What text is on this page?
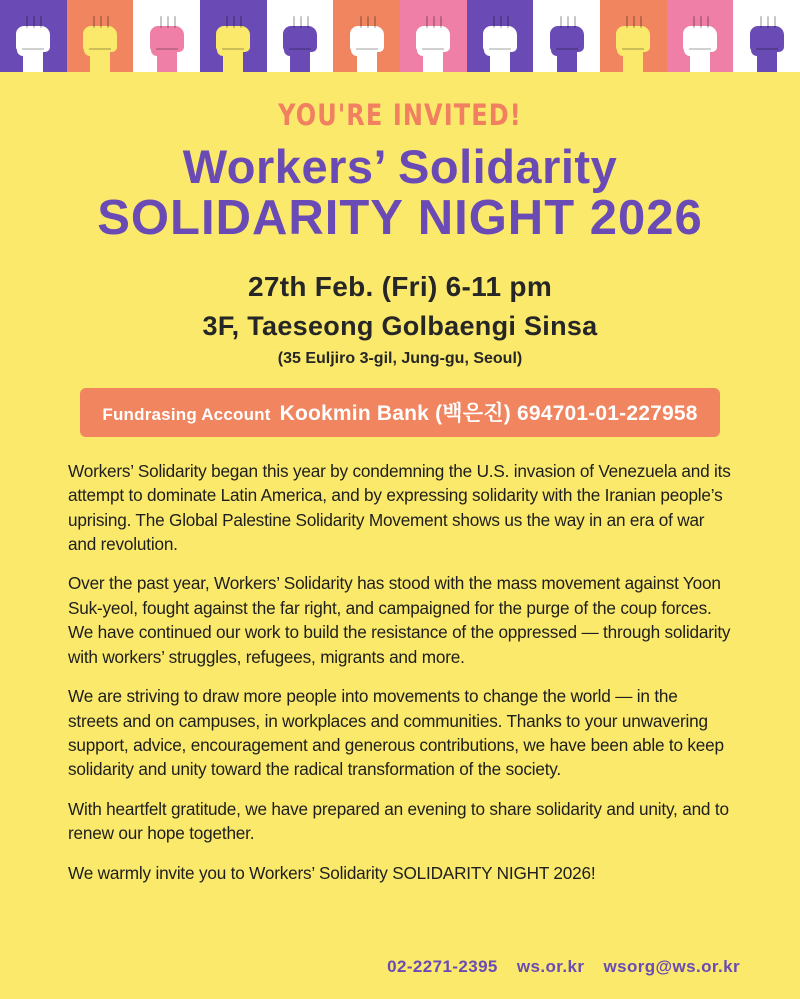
YOU'RE INVITED!
Workers’ Solidarity
SOLIDARITY NIGHT 2026
27th Feb. (Fri) 6-11 pm
3F, Taeseong Golbaengi Sinsa
(35 Euljiro 3-gil, Jung-gu, Seoul)
Fundrasing Account Kookmin Bank (백은진) 694701-01-227958

Workers’ Solidarity began this year by condemning the U.S. invasion of Venezuela and its attempt to dominate Latin America, and by expressing solidarity with the Iranian people’s uprising. The Global Palestine Solidarity Movement shows us the way in an era of war and revolution.

Over the past year, Workers’ Solidarity has stood with the mass movement against Yoon Suk-yeol, fought against the far right, and campaigned for the purge of the coup forces. We have continued our work to build the resistance of the oppressed — through solidarity with workers’ struggles, refugees, migrants and more.

We are striving to draw more people into movements to change the world — in the streets and on campuses, in workplaces and communities. Thanks to your unwavering support, advice, encouragement and generous contributions, we have been able to keep solidarity and unity toward the radical transformation of the society.

With heartfelt gratitude, we have prepared an evening to share solidarity and unity, and to renew our hope together.

We warmly invite you to Workers’ Solidarity SOLIDARITY NIGHT 2026!

02-2271-2395 ws.or.kr wsorg@ws.or.kr
